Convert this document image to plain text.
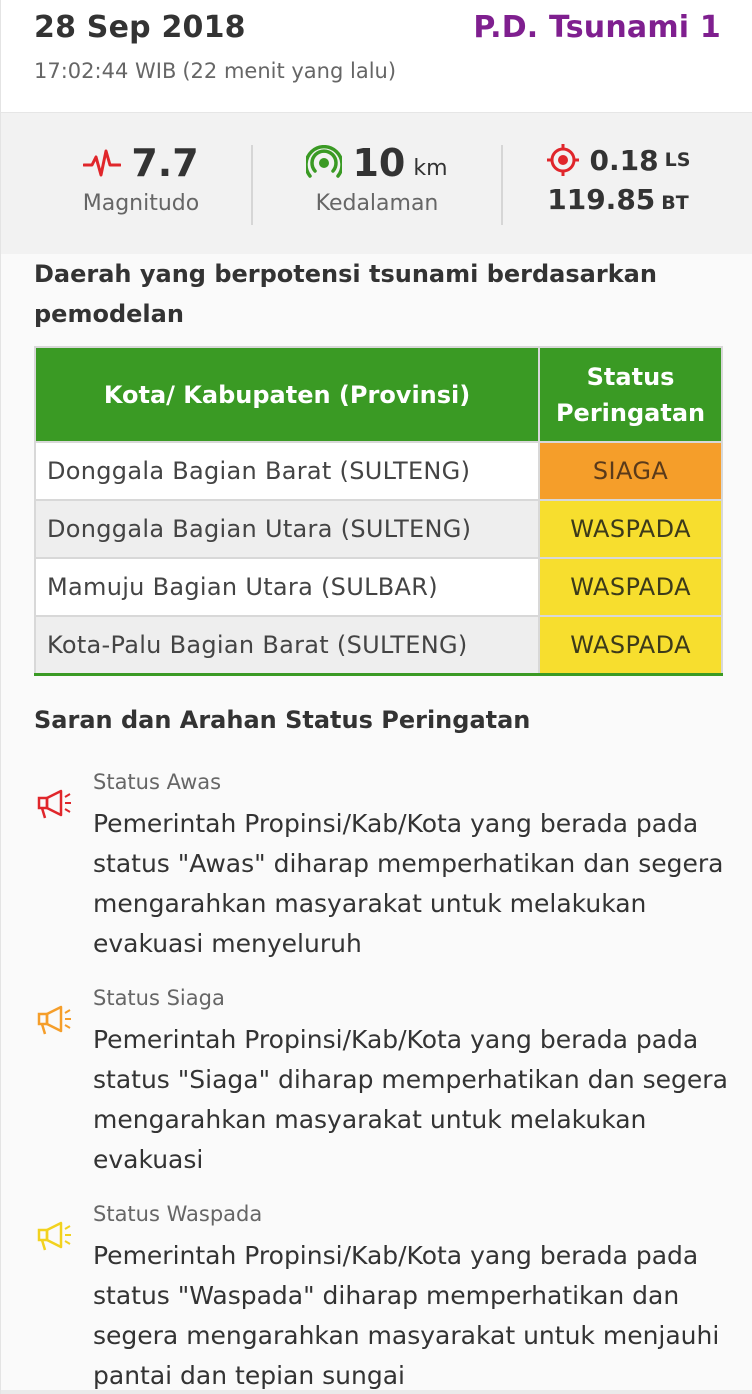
28 Sep 2018	P.D. Tsunami 1
17:02:44 WIB (22 menit yang lalu)
7.7
Magnitudo
10 km
Kedalaman
0.18 LS
119.85 BT
Daerah yang berpotensi tsunami berdasarkan pemodelan
Kota/ Kabupaten (Provinsi)	Status
Peringatan
Donggala Bagian Barat (SULTENG)	SIAGA
Donggala Bagian Utara (SULTENG)	WASPADA
Mamuju Bagian Utara (SULBAR)	WASPADA
Kota-Palu Bagian Barat (SULTENG)	WASPADA
Saran dan Arahan Status Peringatan
Status Awas
Pemerintah Propinsi/Kab/Kota yang berada pada status "Awas" diharap memperhatikan dan segera mengarahkan masyarakat untuk melakukan evakuasi menyeluruh
Status Siaga
Pemerintah Propinsi/Kab/Kota yang berada pada status "Siaga" diharap memperhatikan dan segera mengarahkan masyarakat untuk melakukan evakuasi
Status Waspada
Pemerintah Propinsi/Kab/Kota yang berada pada status "Waspada" diharap memperhatikan dan segera mengarahkan masyarakat untuk menjauhi pantai dan tepian sungai
